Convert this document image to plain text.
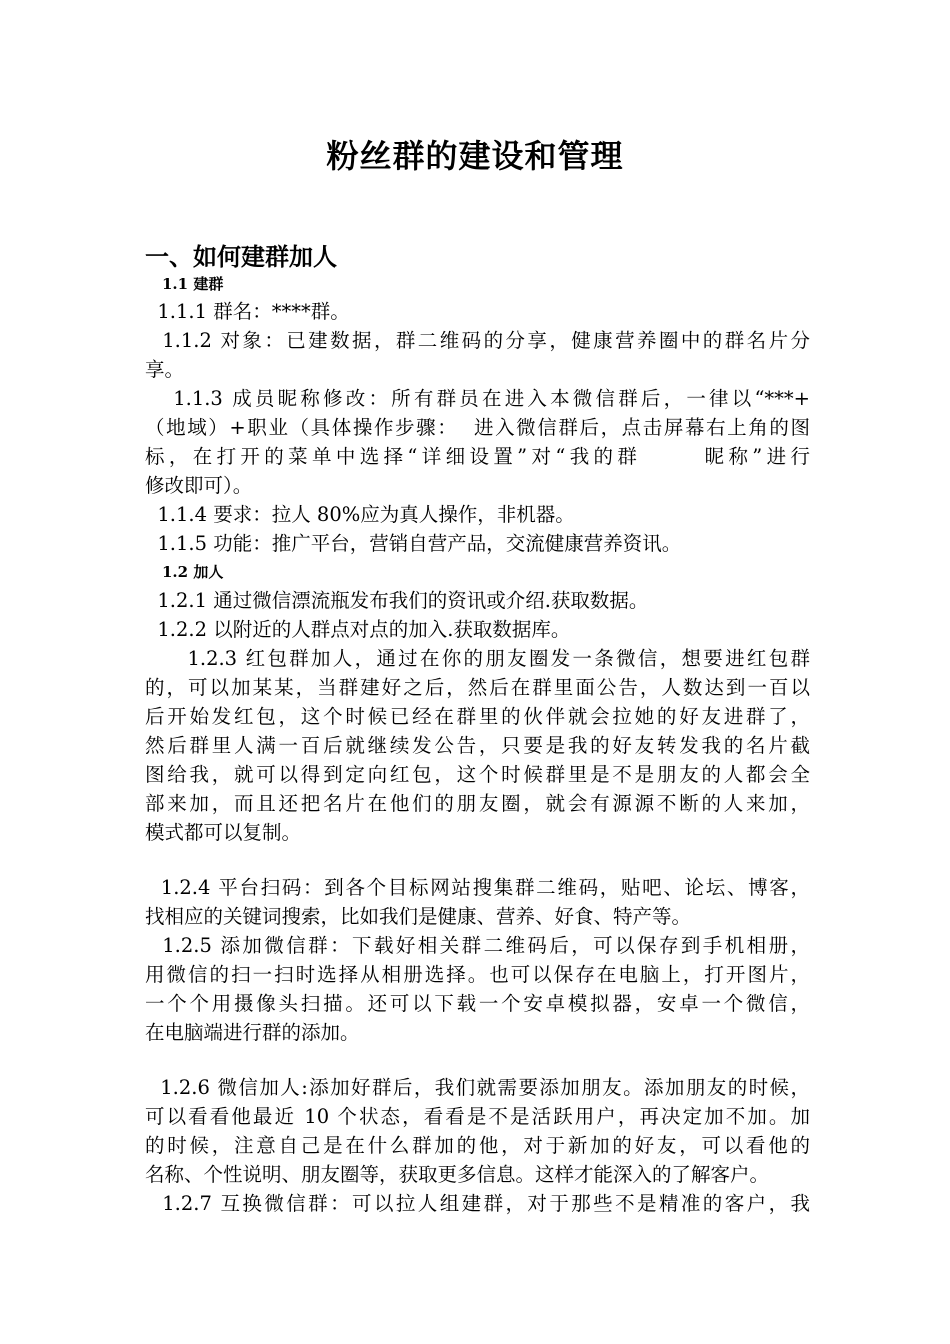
粉丝群的建设和管理
一、如何建群加人
1.1 建群
1.1.1 群名：****群。
1.1.2 对象：已建数据，群二维码的分享，健康营养圈中的群名片分
享。
1.1.3 成员昵称修改：所有群员在进入本微信群后，一律以“***+
（地域）+职业（具体操作步骤：  进入微信群后，点击屏幕右上角的图
标，在打开的菜单中选择“详细设置”对“我的群      昵称”进行
修改即可）。
1.1.4 要求：拉人 80%应为真人操作，非机器。
1.1.5 功能：推广平台，营销自营产品，交流健康营养资讯。
1.2 加人
1.2.1 通过微信漂流瓶发布我们的资讯或介绍.获取数据。
1.2.2 以附近的人群点对点的加入.获取数据库。
1.2.3 红包群加人，通过在你的朋友圈发一条微信，想要进红包群
的，可以加某某，当群建好之后，然后在群里面公告，人数达到一百以
后开始发红包，这个时候已经在群里的伙伴就会拉她的好友进群了，
然后群里人满一百后就继续发公告，只要是我的好友转发我的名片截
图给我，就可以得到定向红包，这个时候群里是不是朋友的人都会全
部来加，而且还把名片在他们的朋友圈，就会有源源不断的人来加，
模式都可以复制。
1.2.4 平台扫码：到各个目标网站搜集群二维码，贴吧、论坛、博客，
找相应的关键词搜索，比如我们是健康、营养、好食、特产等。
1.2.5 添加微信群：下载好相关群二维码后，可以保存到手机相册，
用微信的扫一扫时选择从相册选择。也可以保存在电脑上，打开图片，
一个个用摄像头扫描。还可以下载一个安卓模拟器，安卓一个微信，
在电脑端进行群的添加。
1.2.6 微信加人:添加好群后，我们就需要添加朋友。添加朋友的时候，
可以看看他最近 10 个状态，看看是不是活跃用户，再决定加不加。加
的时候，注意自己是在什么群加的他，对于新加的好友，可以看他的
名称、个性说明、朋友圈等，获取更多信息。这样才能深入的了解客户。
1.2.7 互换微信群：可以拉人组建群，对于那些不是精准的客户，我
